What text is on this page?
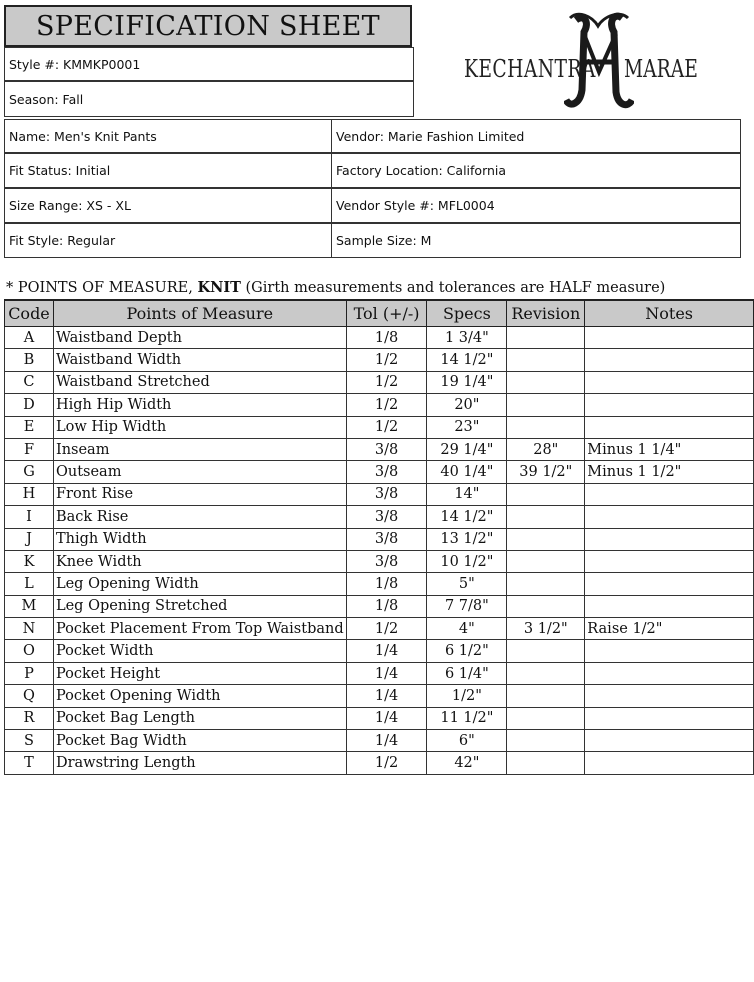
SPECIFICATION SHEET
Style #: KMMKP0001
Season: Fall
KECHANTRA MARAE
Name: Men's Knit Pants	Vendor: Marie Fashion Limited
Fit Status: Initial	Factory Location: California
Size Range: XS - XL	Vendor Style #: MFL0004
Fit Style: Regular	Sample Size: M
* POINTS OF MEASURE, KNIT (Girth measurements and tolerances are HALF measure)
Code	Points of Measure	Tol (+/-)	Specs	Revision	Notes
A	Waistband Depth	1/8	1 3/4"		
B	Waistband Width	1/2	14 1/2"		
C	Waistband Stretched	1/2	19 1/4"		
D	High Hip Width	1/2	20"		
E	Low Hip Width	1/2	23"		
F	Inseam	3/8	29 1/4"	28"	Minus 1 1/4"
G	Outseam	3/8	40 1/4"	39 1/2"	Minus 1 1/2"
H	Front Rise	3/8	14"		
I	Back Rise	3/8	14 1/2"		
J	Thigh Width	3/8	13 1/2"		
K	Knee Width	3/8	10 1/2"		
L	Leg Opening Width	1/8	5"		
M	Leg Opening Stretched	1/8	7 7/8"		
N	Pocket Placement From Top Waistband	1/2	4"	3 1/2"	Raise 1/2"
O	Pocket Width	1/4	6 1/2"		
P	Pocket Height	1/4	6 1/4"		
Q	Pocket Opening Width	1/4	1/2"		
R	Pocket Bag Length	1/4	11 1/2"		
S	Pocket Bag Width	1/4	6"		
T	Drawstring Length	1/2	42"		
